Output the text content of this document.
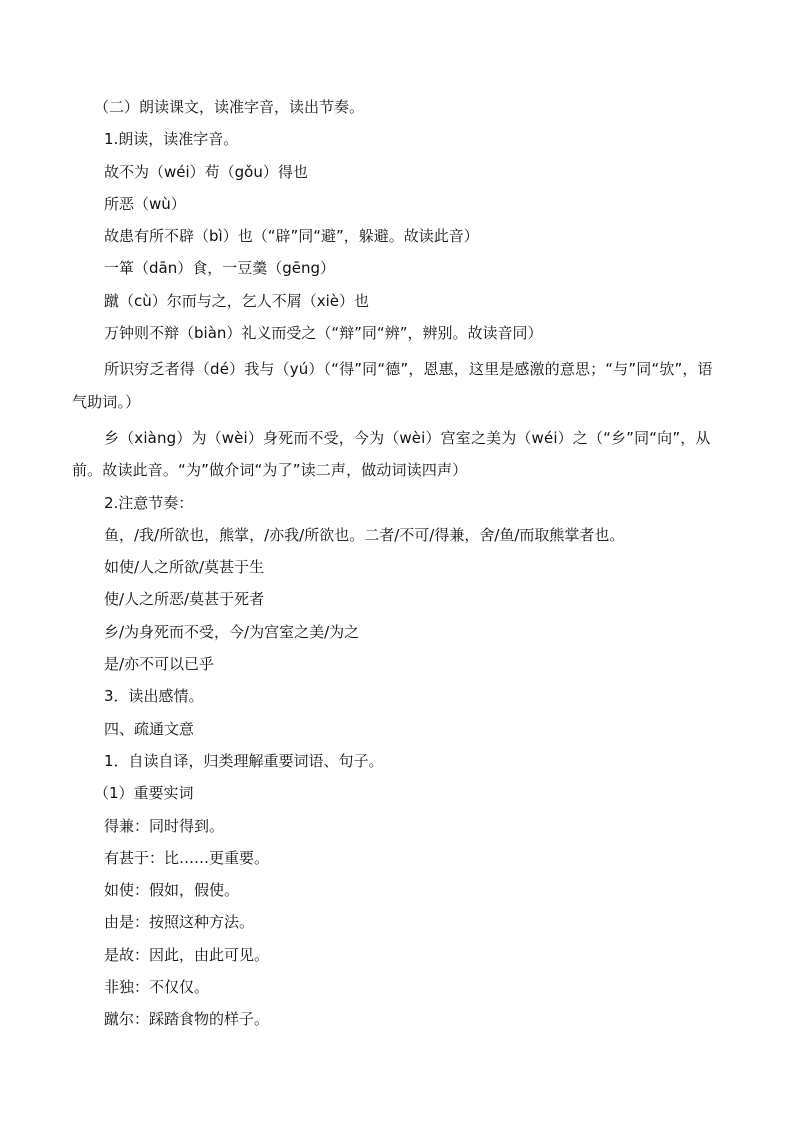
（二）朗读课文，读准字音，读出节奏。
1.朗读，读准字音。
故不为（wéi）苟（gǒu）得也
所恶（wù）
故患有所不辟（bì）也（“辟”同“避”，躲避。故读此音）
一箪（dān）食，一豆羹（gēng）
蹴（cù）尔而与之，乞人不屑（xiè）也
万钟则不辩（biàn）礼义而受之（“辩”同“辨”，辨别。故读音同）
所识穷乏者得（dé）我与（yú）（“得”同“德”，恩惠，这里是感激的意思；“与”同“欤”，语气助词。）
乡（xiàng）为（wèi）身死而不受，今为（wèi）宫室之美为（wéi）之（“乡”同“向”，从前。故读此音。“为”做介词“为了”读二声，做动词读四声）
2.注意节奏：
鱼，/我/所欲也，熊掌，/亦我/所欲也。二者/不可/得兼，舍/鱼/而取熊掌者也。
如使/人之所欲/莫甚于生
使/人之所恶/莫甚于死者
乡/为身死而不受，今/为宫室之美/为之
是/亦不可以已乎
3．读出感情。
四、疏通文意
1．自读自译，归类理解重要词语、句子。
（1）重要实词
得兼：同时得到。
有甚于：比……更重要。
如使：假如，假使。
由是：按照这种方法。
是故：因此，由此可见。
非独：不仅仅。
蹴尔：踩踏食物的样子。
